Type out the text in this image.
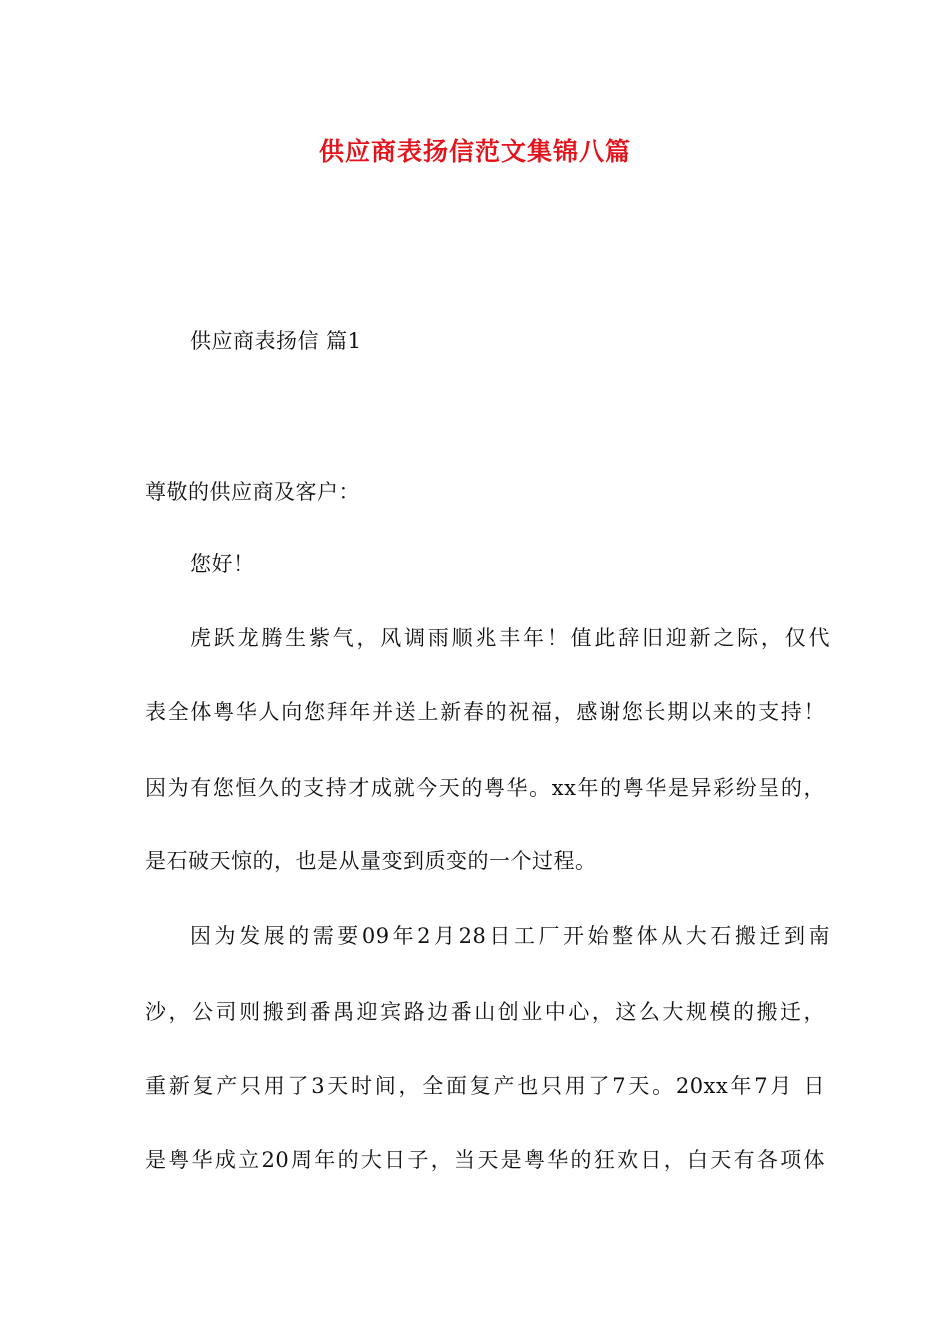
供应商表扬信范文集锦八篇
供应商表扬信 篇1
尊敬的供应商及客户：
您好！
虎跃龙腾生紫气，风调雨顺兆丰年！值此辞旧迎新之际，仅代
表全体粤华人向您拜年并送上新春的祝福，感谢您长期以来的支持！
因为有您恒久的支持才成就今天的粤华。xx年的粤华是异彩纷呈的，
是石破天惊的，也是从量变到质变的一个过程。
因为发展的需要09年2月28日工厂开始整体从大石搬迁到南
沙，公司则搬到番禺迎宾路边番山创业中心，这么大规模的搬迁，
重新复产只用了3天时间，全面复产也只用了7天。20xx年7月 日
是粤华成立20周年的大日子，当天是粤华的狂欢日，白天有各项体
